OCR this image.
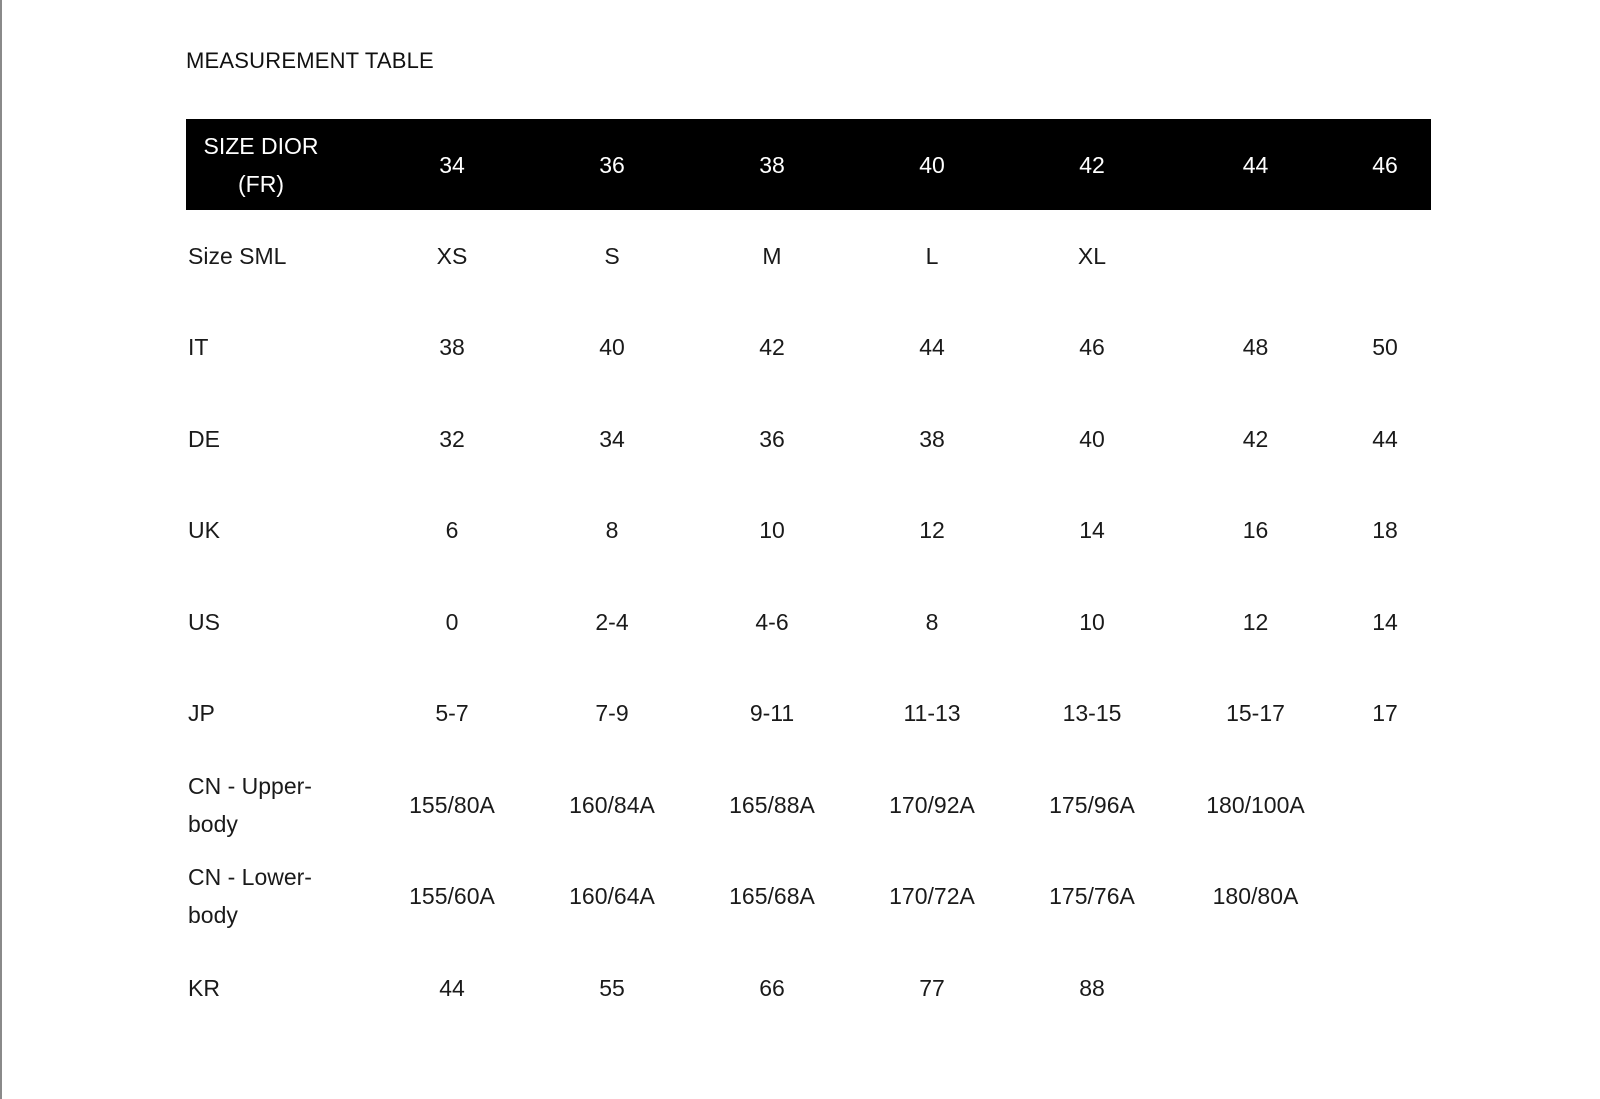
MEASUREMENT TABLE
SIZE DIOR (FR)	34	36	38	40	42	44	46
Size SML	XS	S	M	L	XL		
IT	38	40	42	44	46	48	50
DE	32	34	36	38	40	42	44
UK	6	8	10	12	14	16	18
US	0	2-4	4-6	8	10	12	14
JP	5-7	7-9	9-11	11-13	13-15	15-17	17
CN - Upper-body	155/80A	160/84A	165/88A	170/92A	175/96A	180/100A	
CN - Lower-body	155/60A	160/64A	165/68A	170/72A	175/76A	180/80A	
KR	44	55	66	77	88		
